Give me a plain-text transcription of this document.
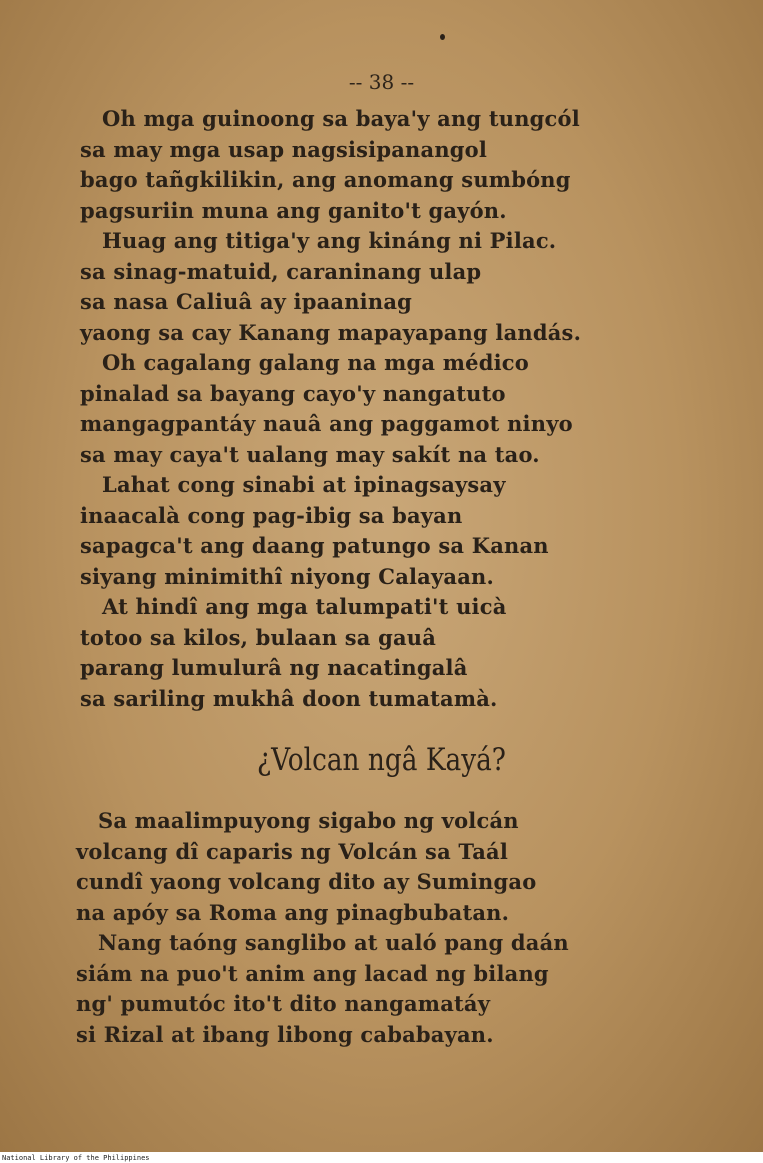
-- 38 --
Oh mga guinoong sa baya'y ang tungcól
sa may mga usap nagsisipanangol
bago tañgkilikin, ang anomang sumbóng
pagsuriin muna ang ganito't gayón.
Huag ang titiga'y ang kináng ni Pilac.
sa sinag-matuid, caraninang ulap
sa nasa Caliuâ ay ipaaninag
yaong sa cay Kanang mapayapang landás.
Oh cagalang galang na mga médico
pinalad sa bayang cayo'y nangatuto
mangagpantáy nauâ ang paggamot ninyo
sa may caya't ualang may sakít na tao.
Lahat cong sinabi at ipinagsaysay
inaacalà cong pag-ibig sa bayan
sapagca't ang daang patungo sa Kanan
siyang minimithî niyong Calayaan.
At hindî ang mga talumpati't uicà
totoo sa kilos, bulaan sa gauâ
parang lumulurâ ng nacatingalâ
sa sariling mukhâ doon tumatamà.
¿Volcan ngâ Kayá?
Sa maalimpuyong sigabo ng volcán
volcang dî caparis ng Volcán sa Taál
cundî yaong volcang dito ay Sumingao
na apóy sa Roma ang pinagbubatan.
Nang taóng sanglibo at ualó pang daán
siám na puo't anim ang lacad ng bilang
ng' pumutóc ito't dito nangamatáy
si Rizal at ibang libong cababayan.
National Library of the Philippines
